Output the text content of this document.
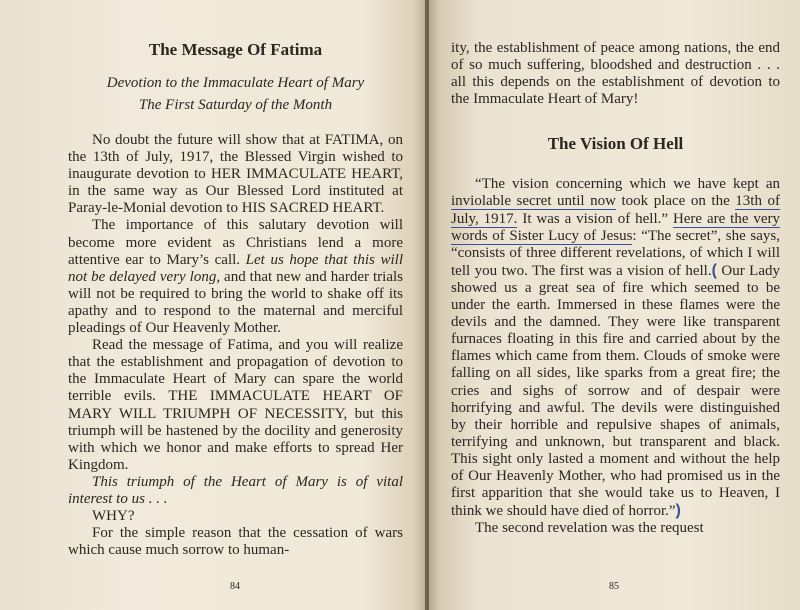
The Message Of Fatima
Devotion to the Immaculate Heart of Mary
The First Saturday of the Month

No doubt the future will show that at FATIMA, on the 13th of July, 1917, the Blessed Virgin wished to inaugurate devotion to HER IMMACULATE HEART, in the same way as Our Blessed Lord instituted at Paray-le-Monial devotion to HIS SACRED HEART.

The importance of this salutary devotion will become more evident as Christians lend a more attentive ear to Mary’s call. Let us hope that this will not be delayed very long, and that new and harder trials will not be required to bring the world to shake off its apathy and to respond to the maternal and merciful pleadings of Our Heavenly Mother.

Read the message of Fatima, and you will realize that the establishment and propagation of devotion to the Immaculate Heart of Mary can spare the world terrible evils. THE IMMACULATE HEART OF MARY WILL TRIUMPH OF NECESSITY, but this triumph will be hastened by the docility and generosity with which we honor and make efforts to spread Her Kingdom.

This triumph of the Heart of Mary is of vital interest to us . . .

WHY?

For the simple reason that the cessation of wars which cause much sorrow to human-

84

ity, the establishment of peace among nations, the end of so much suffering, bloodshed and destruction . . . all this depends on the establishment of devotion to the Immaculate Heart of Mary!

The Vision Of Hell

“The vision concerning which we have kept an inviolable secret until now took place on the 13th of July, 1917. It was a vision of hell.” Here are the very words of Sister Lucy of Jesus: “The secret”, she says, “consists of three different revelations, of which I will tell you two. The first was a vision of hell.( Our Lady showed us a great sea of fire which seemed to be under the earth. Immersed in these flames were the devils and the damned. They were like transparent furnaces floating in this fire and carried about by the flames which came from them. Clouds of smoke were falling on all sides, like sparks from a great fire; the cries and sighs of sorrow and of despair were horrifying and awful. The devils were distinguished by their horrible and repulsive shapes of animals, terrifying and unknown, but transparent and black. This sight only lasted a moment and without the help of Our Heavenly Mother, who had promised us in the first apparition that she would take us to Heaven, I think we should have died of horror.”)

The second revelation was the request

85
